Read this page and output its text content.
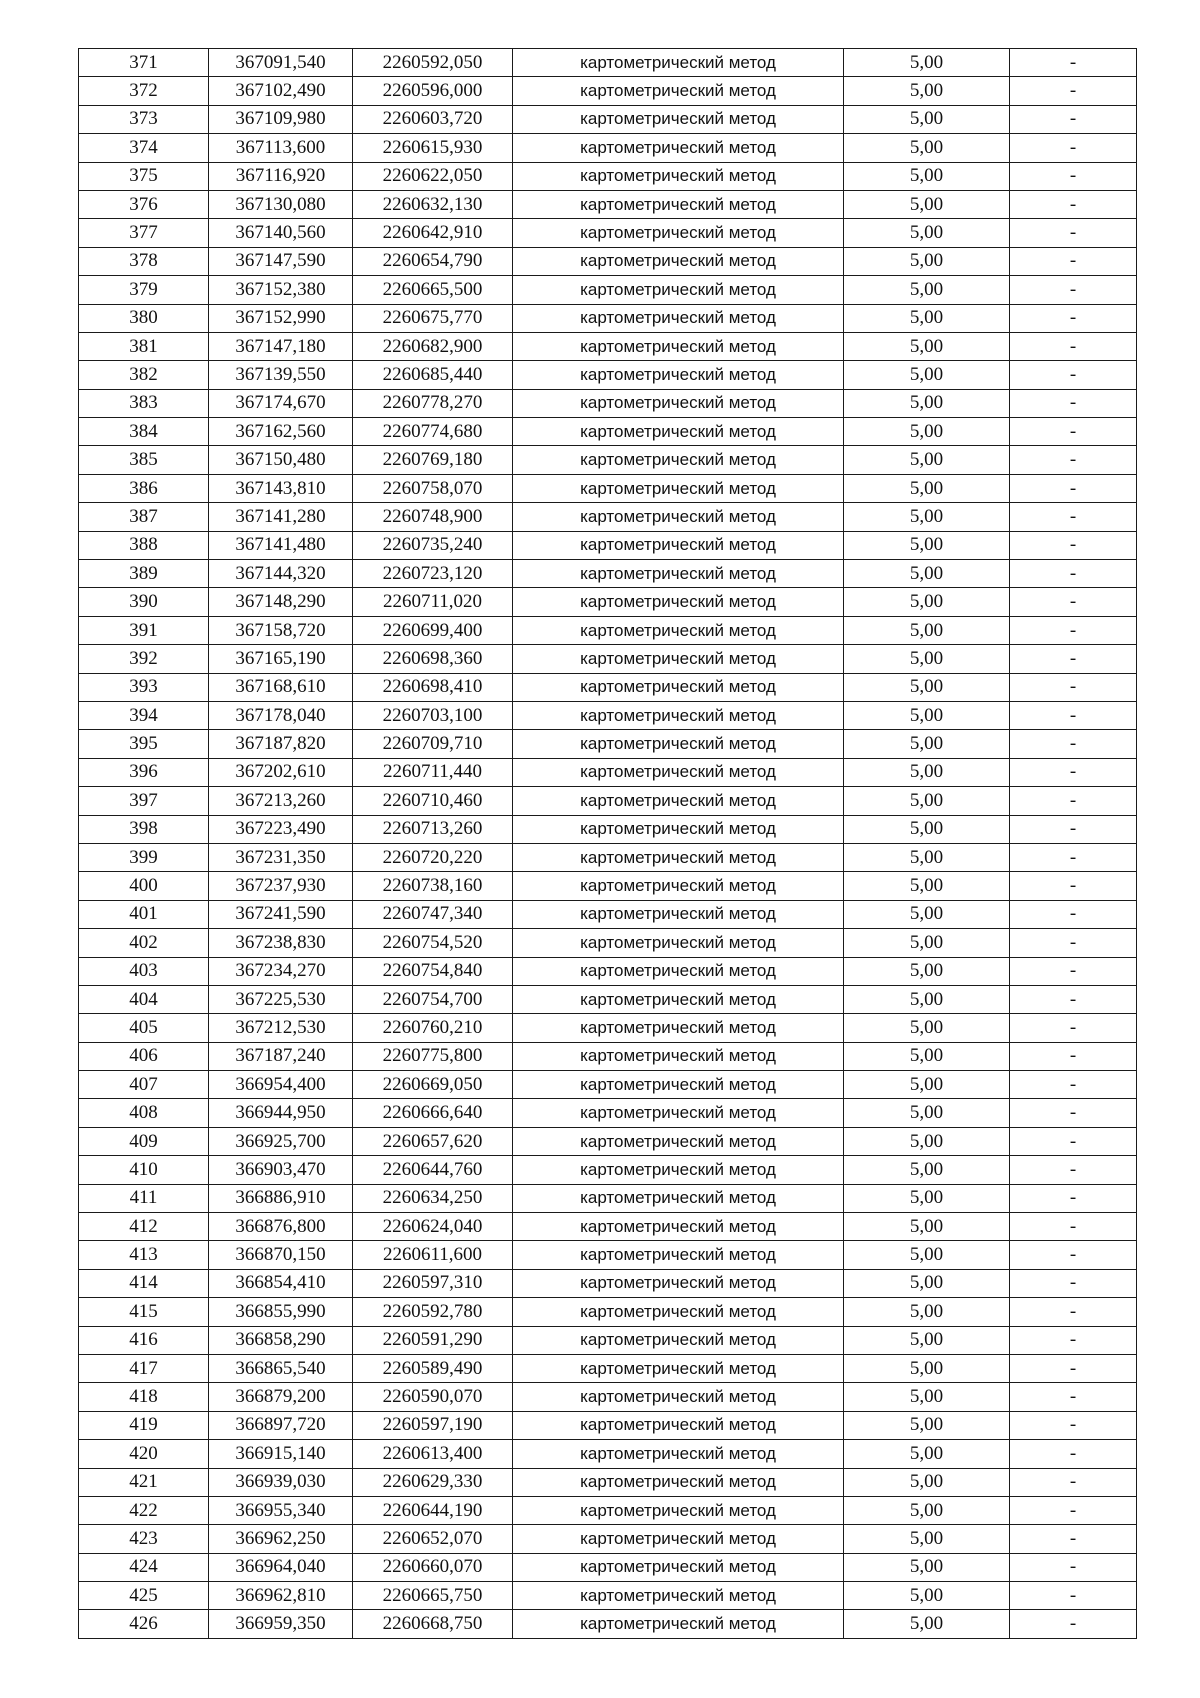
371	367091,540	2260592,050	картометрический метод	5,00	-
372	367102,490	2260596,000	картометрический метод	5,00	-
373	367109,980	2260603,720	картометрический метод	5,00	-
374	367113,600	2260615,930	картометрический метод	5,00	-
375	367116,920	2260622,050	картометрический метод	5,00	-
376	367130,080	2260632,130	картометрический метод	5,00	-
377	367140,560	2260642,910	картометрический метод	5,00	-
378	367147,590	2260654,790	картометрический метод	5,00	-
379	367152,380	2260665,500	картометрический метод	5,00	-
380	367152,990	2260675,770	картометрический метод	5,00	-
381	367147,180	2260682,900	картометрический метод	5,00	-
382	367139,550	2260685,440	картометрический метод	5,00	-
383	367174,670	2260778,270	картометрический метод	5,00	-
384	367162,560	2260774,680	картометрический метод	5,00	-
385	367150,480	2260769,180	картометрический метод	5,00	-
386	367143,810	2260758,070	картометрический метод	5,00	-
387	367141,280	2260748,900	картометрический метод	5,00	-
388	367141,480	2260735,240	картометрический метод	5,00	-
389	367144,320	2260723,120	картометрический метод	5,00	-
390	367148,290	2260711,020	картометрический метод	5,00	-
391	367158,720	2260699,400	картометрический метод	5,00	-
392	367165,190	2260698,360	картометрический метод	5,00	-
393	367168,610	2260698,410	картометрический метод	5,00	-
394	367178,040	2260703,100	картометрический метод	5,00	-
395	367187,820	2260709,710	картометрический метод	5,00	-
396	367202,610	2260711,440	картометрический метод	5,00	-
397	367213,260	2260710,460	картометрический метод	5,00	-
398	367223,490	2260713,260	картометрический метод	5,00	-
399	367231,350	2260720,220	картометрический метод	5,00	-
400	367237,930	2260738,160	картометрический метод	5,00	-
401	367241,590	2260747,340	картометрический метод	5,00	-
402	367238,830	2260754,520	картометрический метод	5,00	-
403	367234,270	2260754,840	картометрический метод	5,00	-
404	367225,530	2260754,700	картометрический метод	5,00	-
405	367212,530	2260760,210	картометрический метод	5,00	-
406	367187,240	2260775,800	картометрический метод	5,00	-
407	366954,400	2260669,050	картометрический метод	5,00	-
408	366944,950	2260666,640	картометрический метод	5,00	-
409	366925,700	2260657,620	картометрический метод	5,00	-
410	366903,470	2260644,760	картометрический метод	5,00	-
411	366886,910	2260634,250	картометрический метод	5,00	-
412	366876,800	2260624,040	картометрический метод	5,00	-
413	366870,150	2260611,600	картометрический метод	5,00	-
414	366854,410	2260597,310	картометрический метод	5,00	-
415	366855,990	2260592,780	картометрический метод	5,00	-
416	366858,290	2260591,290	картометрический метод	5,00	-
417	366865,540	2260589,490	картометрический метод	5,00	-
418	366879,200	2260590,070	картометрический метод	5,00	-
419	366897,720	2260597,190	картометрический метод	5,00	-
420	366915,140	2260613,400	картометрический метод	5,00	-
421	366939,030	2260629,330	картометрический метод	5,00	-
422	366955,340	2260644,190	картометрический метод	5,00	-
423	366962,250	2260652,070	картометрический метод	5,00	-
424	366964,040	2260660,070	картометрический метод	5,00	-
425	366962,810	2260665,750	картометрический метод	5,00	-
426	366959,350	2260668,750	картометрический метод	5,00	-
